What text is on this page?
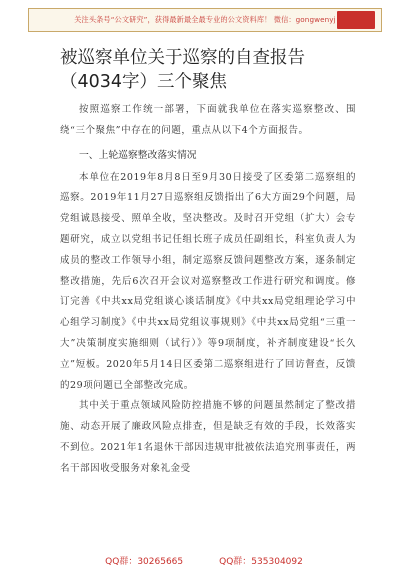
关注头条号“公文研究”，获得最新最全最专业的公文资料库！ 微信：gongwenyj
被巡察单位关于巡察的自查报告（4034字）三个聚焦

按照巡察工作统一部署，下面就我单位在落实巡察整改、围绕“三个聚焦”中存在的问题，重点从以下4个方面报告。

一、上轮巡察整改落实情况

本单位在2019年8月8日至9月30日接受了区委第二巡察组的巡察。2019年11月27日巡察组反馈指出了6大方面29个问题，局党组诚恳接受、照单全收，坚决整改。及时召开党组（扩大）会专题研究，成立以党组书记任组长班子成员任副组长，科室负责人为成员的整改工作领导小组，制定巡察反馈问题整改方案，逐条制定整改措施，先后6次召开会议对巡察整改工作进行研究和调度。修订完善《中共xx局党组谈心谈话制度》《中共xx局党组理论学习中心组学习制度》《中共xx局党组议事规则》《中共xx局党组“三重一大”决策制度实施细则（试行）》等9项制度，补齐制度建设“长久立”短板。2020年5月14日区委第二巡察组进行了回访督查，反馈的29项问题已全部整改完成。

其中关于重点领域风险防控措施不够的问题虽然制定了整改措施、动态开展了廉政风险点排查，但是缺乏有效的手段，长效落实不到位。2021年1名退休干部因违规审批被依法追究刑事责任，两名干部因收受服务对象礼金受

QQ群：30265665	QQ群：535304092
